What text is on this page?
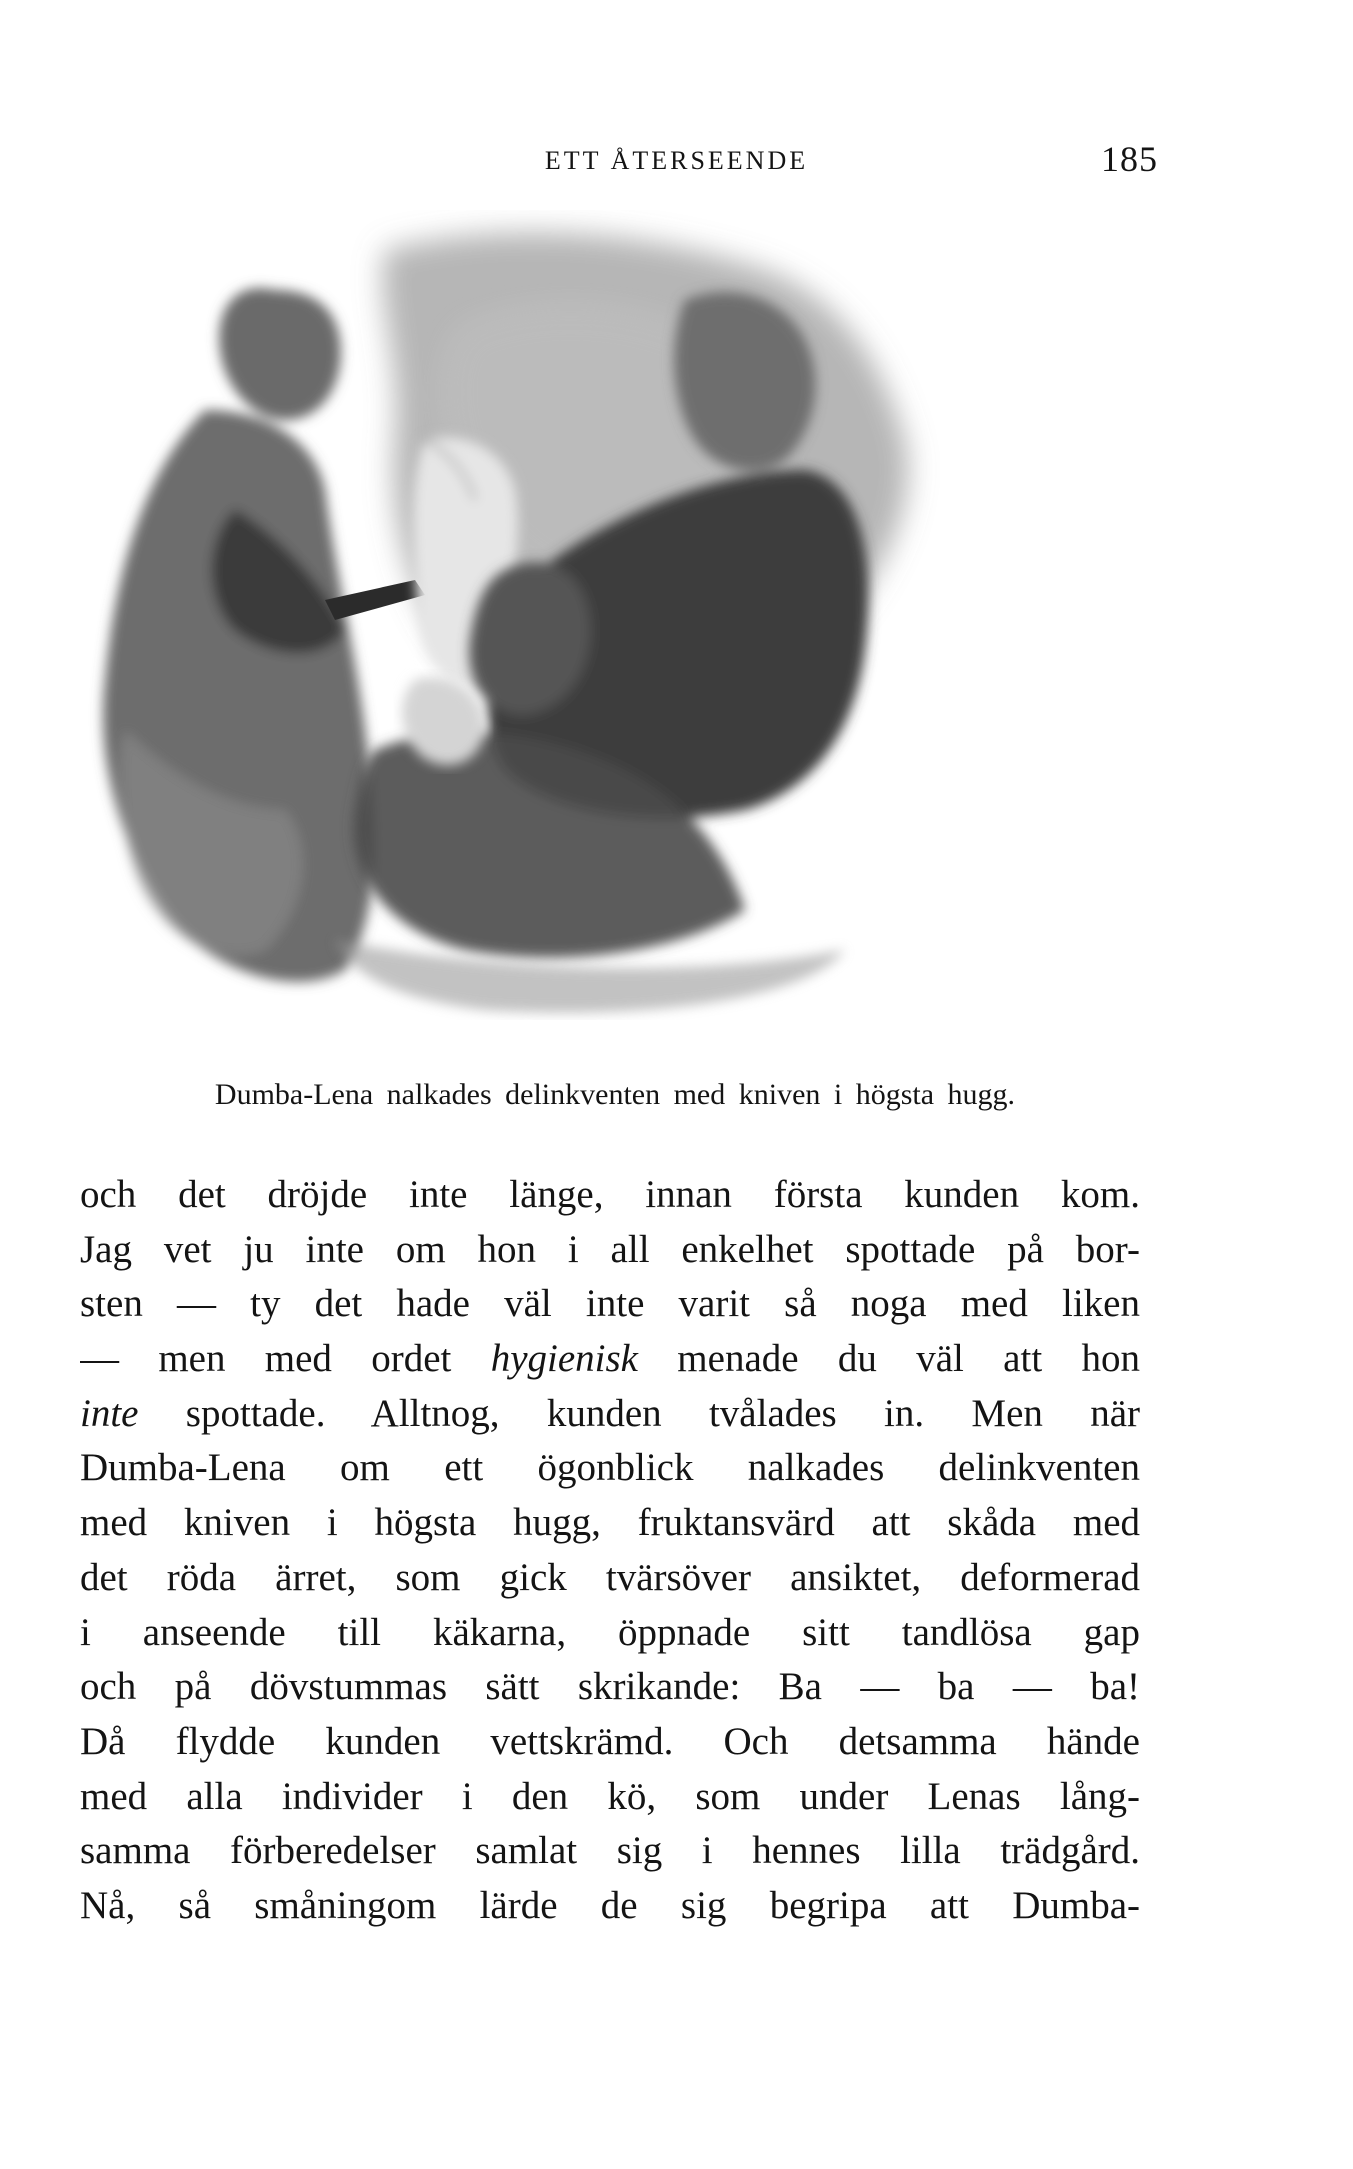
ETT ÅTERSEENDE	185
Dumba-Lena nalkades delinkventen med kniven i högsta hugg.
och det dröjde inte länge, innan första kunden kom.
Jag vet ju inte om hon i all enkelhet spottade på bor-
sten — ty det hade väl inte varit så noga med liken
— men med ordet hygienisk menade du väl att hon
inte spottade. Alltnog, kunden tvålades in. Men när
Dumba-Lena om ett ögonblick nalkades delinkventen
med kniven i högsta hugg, fruktansvärd att skåda med
det röda ärret, som gick tvärsöver ansiktet, deformerad
i anseende till käkarna, öppnade sitt tandlösa gap
och på dövstummas sätt skrikande: Ba — ba — ba!
Då flydde kunden vettskrämd. Och detsamma hände
med alla individer i den kö, som under Lenas lång-
samma förberedelser samlat sig i hennes lilla trädgård.
Nå, så småningom lärde de sig begripa att Dumba-
